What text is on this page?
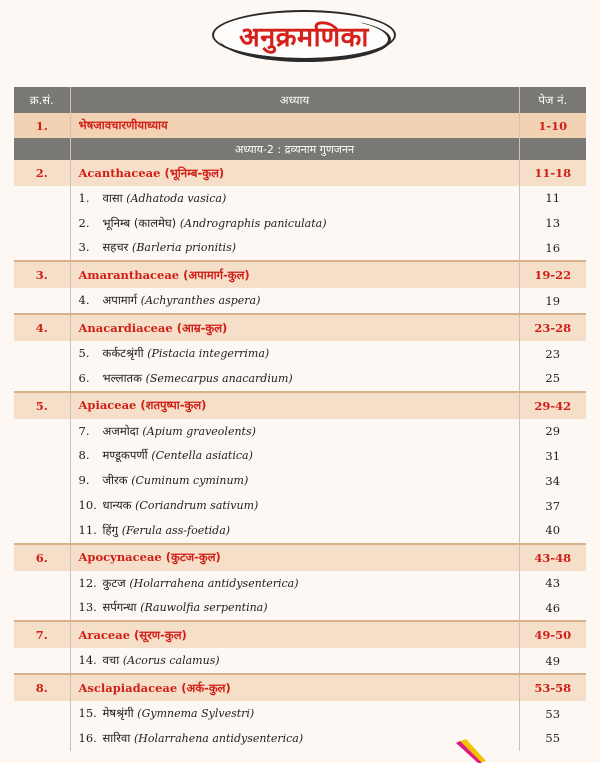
अनुक्रमणिका
क्र.सं.	अध्याय	पेज नं.
1.	भेषजावचारणीयाध्याय	1-10
	अध्याय-2 : द्रव्यनाम गुणजनन	
2.	Acanthaceae (भूनिम्ब-कुल)	11-18
	1. वासा (Adhatoda vasica)	11
	2. भूनिम्ब (कालमेघ) (Andrographis paniculata)	13
	3. सहचर (Barleria prionitis)	16
3.	Amaranthaceae (अपामार्ग-कुल)	19-22
	4. अपामार्ग (Achyranthes aspera)	19
4.	Anacardiaceae (आम्र-कुल)	23-28
	5. कर्कटश्रृंगी (Pistacia integerrima)	23
	6. भल्लातक (Semecarpus anacardium)	25
5.	Apiaceae (शतपुष्पा-कुल)	29-42
	7. अजमोदा (Apium graveolents)	29
	8. मण्डूकपर्णी (Centella asiatica)	31
	9. जीरक (Cuminum cyminum)	34
	10. धान्यक (Coriandrum sativum)	37
	11. हिंगु (Ferula ass-foetida)	40
6.	Apocynaceae (कुटज-कुल)	43-48
	12. कुटज (Holarrahena antidysenterica)	43
	13. सर्पगन्धा (Rauwolfia serpentina)	46
7.	Araceae (सूरण-कुल)	49-50
	14. वचा (Acorus calamus)	49
8.	Asclapiadaceae (अर्क-कुल)	53-58
	15. मेषश्रृंगी (Gymnema Sylvestri)	53
	16. सारिवा (Holarrahena antidysenterica)	55
